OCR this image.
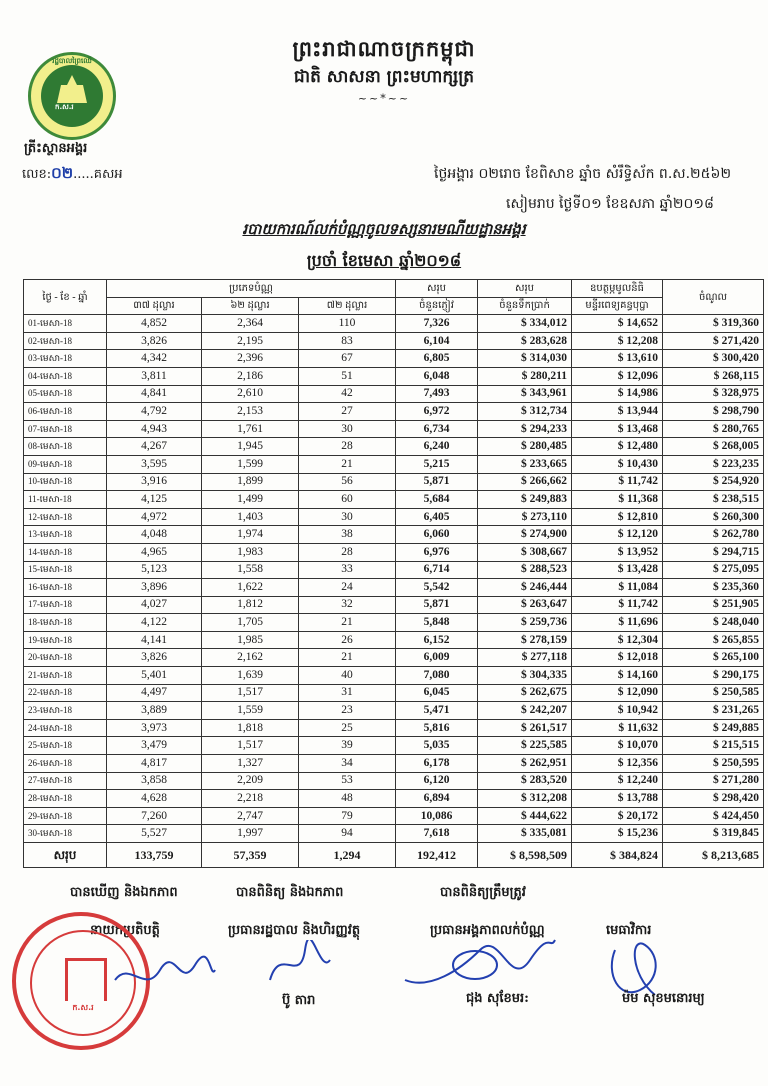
ព្រះរាជាណាចក្រកម្ពុជា
ជាតិ សាសនា ព្រះមហាក្សត្រ
~~*~~
រដ្ឋបាលព្រៃឈើ
ក.ស.រ
ត្រីះស្ថានអង្គរ
លេខ:០២.....គសអ	ថ្ងៃអង្គារ ០២រោច ខែពិសាខ ឆ្នាំច សំរឹទ្ធិស័ក ព.ស.២៥៦២
សៀមរាប ថ្ងៃទី០១ ខែឧសភា ឆ្នាំ២០១៨
របាយការណ៍លក់បំណ្ណចូលទស្សនារមណីយដ្ឋានអង្គរ
ប្រចាំ ខែមេសា ឆ្នាំ២០១៨
ថ្ងៃ - ខែ - ឆ្នាំ	ប្រភេទបំណ្ណ			សរុប	សរុប	ឧបត្ថម្ភមូលនិធិ	ចំណូល
	៣៧ ដុល្លារ	៦២ ដុល្លារ	៧២ ដុល្លារ	ចំនួនភ្ញៀវ	ចំនួនទឹកប្រាក់	មន្ទីរពេទ្យគន្ធបុប្ផា	
01-មេសា-18	4,852	2,364	110	7,326	$ 334,012	$ 14,652	$ 319,360
02-មេសា-18	3,826	2,195	83	6,104	$ 283,628	$ 12,208	$ 271,420
03-មេសា-18	4,342	2,396	67	6,805	$ 314,030	$ 13,610	$ 300,420
04-មេសា-18	3,811	2,186	51	6,048	$ 280,211	$ 12,096	$ 268,115
05-មេសា-18	4,841	2,610	42	7,493	$ 343,961	$ 14,986	$ 328,975
06-មេសា-18	4,792	2,153	27	6,972	$ 312,734	$ 13,944	$ 298,790
07-មេសា-18	4,943	1,761	30	6,734	$ 294,233	$ 13,468	$ 280,765
08-មេសា-18	4,267	1,945	28	6,240	$ 280,485	$ 12,480	$ 268,005
09-មេសា-18	3,595	1,599	21	5,215	$ 233,665	$ 10,430	$ 223,235
10-មេសា-18	3,916	1,899	56	5,871	$ 266,662	$ 11,742	$ 254,920
11-មេសា-18	4,125	1,499	60	5,684	$ 249,883	$ 11,368	$ 238,515
12-មេសា-18	4,972	1,403	30	6,405	$ 273,110	$ 12,810	$ 260,300
13-មេសា-18	4,048	1,974	38	6,060	$ 274,900	$ 12,120	$ 262,780
14-មេសា-18	4,965	1,983	28	6,976	$ 308,667	$ 13,952	$ 294,715
15-មេសា-18	5,123	1,558	33	6,714	$ 288,523	$ 13,428	$ 275,095
16-មេសា-18	3,896	1,622	24	5,542	$ 246,444	$ 11,084	$ 235,360
17-មេសា-18	4,027	1,812	32	5,871	$ 263,647	$ 11,742	$ 251,905
18-មេសា-18	4,122	1,705	21	5,848	$ 259,736	$ 11,696	$ 248,040
19-មេសា-18	4,141	1,985	26	6,152	$ 278,159	$ 12,304	$ 265,855
20-មេសា-18	3,826	2,162	21	6,009	$ 277,118	$ 12,018	$ 265,100
21-មេសា-18	5,401	1,639	40	7,080	$ 304,335	$ 14,160	$ 290,175
22-មេសា-18	4,497	1,517	31	6,045	$ 262,675	$ 12,090	$ 250,585
23-មេសា-18	3,889	1,559	23	5,471	$ 242,207	$ 10,942	$ 231,265
24-មេសា-18	3,973	1,818	25	5,816	$ 261,517	$ 11,632	$ 249,885
25-មេសា-18	3,479	1,517	39	5,035	$ 225,585	$ 10,070	$ 215,515
26-មេសា-18	4,817	1,327	34	6,178	$ 262,951	$ 12,356	$ 250,595
27-មេសា-18	3,858	2,209	53	6,120	$ 283,520	$ 12,240	$ 271,280
28-មេសា-18	4,628	2,218	48	6,894	$ 312,208	$ 13,788	$ 298,420
29-មេសា-18	7,260	2,747	79	10,086	$ 444,622	$ 20,172	$ 424,450
30-មេសា-18	5,527	1,997	94	7,618	$ 335,081	$ 15,236	$ 319,845
សរុប	133,759	57,359	1,294	192,412	$ 8,598,509	$ 384,824	$ 8,213,685
បានឃើញ និងឯកភាព	បានពិនិត្យ និងឯកភាព	បានពិនិត្យត្រឹមត្រូវ
នាយកប្រតិបត្តិ	ប្រធានរដ្ឋបាល និងហិរញ្ញវត្ថុ	ប្រធានអង្គភាពលក់បំណ្ណ	មេធាវិការ
ក.ស.រ	ប៊ូ តារា	ជុង សុខែមរ:	ម៉ម សុខមនោរម្យ
